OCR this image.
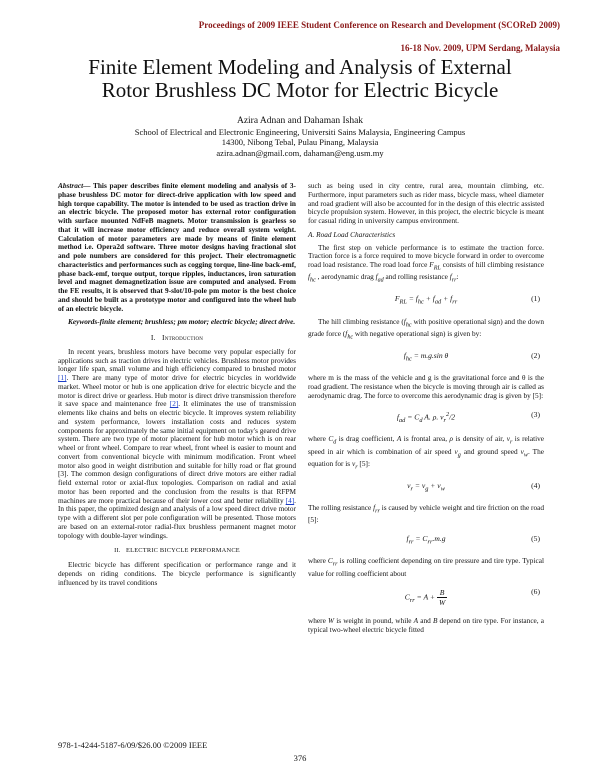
Proceedings of 2009 IEEE Student Conference on Research and Development (SCOReD 2009)
16-18 Nov. 2009, UPM Serdang, Malaysia
Finite Element Modeling and Analysis of External
Rotor Brushless DC Motor for Electric Bicycle
Azira Adnan and Dahaman Ishak
School of Electrical and Electronic Engineering, Universiti Sains Malaysia, Engineering Campus
14300, Nibong Tebal, Pulau Pinang, Malaysia
azira.adnan@gmail.com, dahaman@eng.usm.my
Abstract— This paper describes finite element modeling and analysis of 3-phase brushless DC motor for direct-drive application with low speed and high torque capability. The motor is intended to be used as traction drive in an electric bicycle. The proposed motor has external rotor configuration with surface mounted NdFeB magnets. Motor transmission is gearless so that it will increase motor efficiency and reduce overall system weight. Calculation of motor parameters are made by means of finite element method i.e. Opera2d software. Three motor designs having fractional slot and pole numbers are considered for this project. Their electromagnetic characteristics and performances such as cogging torque, line-line back-emf, phase back-emf, torque output, torque ripples, inductances, iron saturation level and magnet demagnetization issue are computed and analysed. From the FE results, it is observed that 9-slot/10-pole pm motor is the best choice and should be built as a prototype motor and configured into the wheel hub of an electric bicycle.
Keywords-finite element; brushless; pm motor; electric bicycle; direct drive.
I. Introduction

In recent years, brushless motors have become very popular especially for applications such as traction drives in electric vehicles. Brushless motor provides longer life span, small volume and high efficiency compared to brushed motor [1]. There are many type of motor drive for electric bicycles in worldwide market. Wheel motor or hub is one application drive for electric bicycle and the motor is direct drive or gearless. Hub motor is direct drive transmission therefore it save space and maintenance free [2]. It eliminates the use of transmission elements like chains and belts on electric bicycle. It improves system reliability and system performance, lowers installation costs and reduces system components for approximately the same initial equipment on today's geared drive system. There are two type of motor placement for hub motor which is on rear wheel or front wheel. Compare to rear wheel, front wheel is easier to mount and convert from conventional bicycle with minimum modification. Front wheel motor also good in weight distribution and suitable for hilly road or flat ground [3]. The common design configurations of direct drive motors are either radial field external rotor or axial-flux topologies. Comparison on radial and axial motor has been reported and the conclusion from the results is that RFPM machines are more practical because of their lower cost and better reliability [4]. In this paper, the optimized design and analysis of a low speed direct drive motor type with a different slot per pole configuration will be presented. Those motors are based on an external-rotor radial-flux brushless permanent magnet motor topology with double-layer windings.

II. ELECTRIC BICYCLE PERFORMANCE

Electric bicycle has different specification or performance range and it depends on riding conditions. The bicycle performance is significantly influenced by its travel conditions

such as being used in city centre, rural area, mountain climbing, etc. Furthermore, input parameters such as rider mass, bicycle mass, wheel diameter and road gradient will also be accounted for in the design of this electric assisted bicycle propulsion system. However, in this project, the electric bicycle is meant for casual riding in university campus environment.

A. Road Load Characteristics

The first step on vehicle performance is to estimate the traction force. Traction force is a force required to move bicycle forward in order to overcome road load resistance. The road load force $F_{RL}$ consists of hill climbing resistance $f_{hc}$ , aerodynamic drag $f_{ad}$ and rolling resistance $f_{rr}$:

$F_{RL} = f_{hc} + f_{ad} + f_{rr}$	(1)

The hill climbing resistance ($f_{hc}$ with positive operational sign) and the down grade force ($f_{hc}$ with negative operational sign) is given by:

$f_{hc} = m.g.\sin$ θ	(2)

where m is the mass of the vehicle and g is the gravitational force and θ is the road gradient. The resistance when the bicycle is moving through air is called as aerodynamic drag. The force to overcome this aerodynamic drag is given by [5]:

$f_{ad} = C_d$ A. ρ. $v_r^2/2$	(3)

where $C_d$ is drag coefficient, A is frontal area, ρ is density of air, $v_r$ is relative speed in air which is combination of air speed $v_g$ and ground speed $v_w$. The equation for is $v_r$ [5]:

$v_r = v_g + v_w$	(4)

The rolling resistance $f_{rr}$ is caused by vehicle weight and tire friction on the road [5]:

$f_{rr} = C_{rr}.m.g$	(5)

where $C_{rr}$ is rolling coefficient depending on tire pressure and tire type. Typical value for rolling coefficient about

$C_{rr} = A + \frac{B}{W}$	(6)

where W is weight in pound, while A and B depend on tire type. For instance, a typical two-wheel electric bicycle fitted

978-1-4244-5187-6/09/$26.00 ©2009 IEEE
376
